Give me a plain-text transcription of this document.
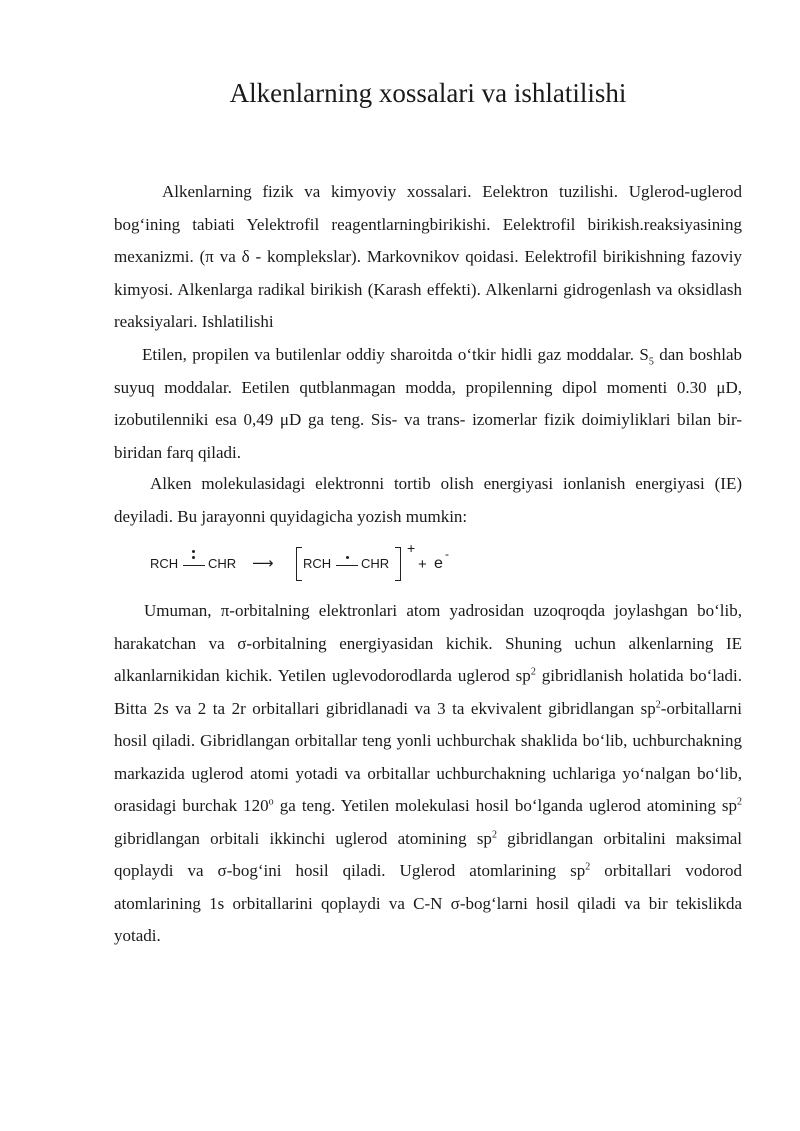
Alkenlarning xossalari va ishlatilishi

Alkenlarning fizik va kimyoviy xossalari. Eelektron tuzilishi. Uglerod-uglerod bog‘ining tabiati Yelektrofil reagentlarningbirikishi. Eelektrofil birikish.reaksiyasining mexanizmi. (π va δ - komplekslar). Markovnikov qoidasi. Eelektrofil birikishning fazoviy kimyosi. Alkenlarga radikal birikish (Karash effekti). Alkenlarni gidrogenlash va oksidlash reaksiyalari. Ishlatilishi

Etilen, propilen va butilenlar oddiy sharoitda o‘tkir hidli gaz moddalar. $S_5$ dan boshlab suyuq moddalar. Eetilen qutblanmagan modda, propilenning dipol momenti 0.30 μD, izobutilenniki esa 0,49 μD ga teng. Sis- va trans- izomerlar fizik doimiyliklari bilan bir-biridan farq qiladi.

Alken molekulasidagi elektronni tortib olish energiyasi ionlanish energiyasi (IE) deyiladi. Bu jarayonni quyidagicha yozish mumkin:

RCH CHR ⟶ RCH CHR
+
+ e
-

Umuman, π-orbitalning elektronlari atom yadrosidan uzoqroqda joylashgan bo‘lib, harakatchan va σ-orbitalning energiyasidan kichik. Shuning uchun alkenlarning IE alkanlarnikidan kichik. Yetilen uglevodorodlarda uglerod $sp^2$ gibridlanish holatida bo‘ladi. Bitta 2s va 2 ta 2r orbitallari gibridlanadi va 3 ta ekvivalent gibridlangan $sp^2$-orbitallarni hosil qiladi. Gibridlangan orbitallar teng yonli uchburchak shaklida bo‘lib, uchburchakning markazida uglerod atomi yotadi va orbitallar uchburchakning uchlariga yo‘nalgan bo‘lib, orasidagi burchak 120$^o$ ga teng. Yetilen molekulasi hosil bo‘lganda uglerod atomining $sp^2$ gibridlangan orbitali ikkinchi uglerod atomining $sp^2$ gibridlangan orbitalini maksimal qoplaydi va σ-bog‘ini hosil qiladi. Uglerod atomlarining $sp^2$ orbitallari vodorod atomlarining 1s orbitallarini qoplaydi va C-N σ-bog‘larni hosil qiladi va bir tekislikda yotadi.
